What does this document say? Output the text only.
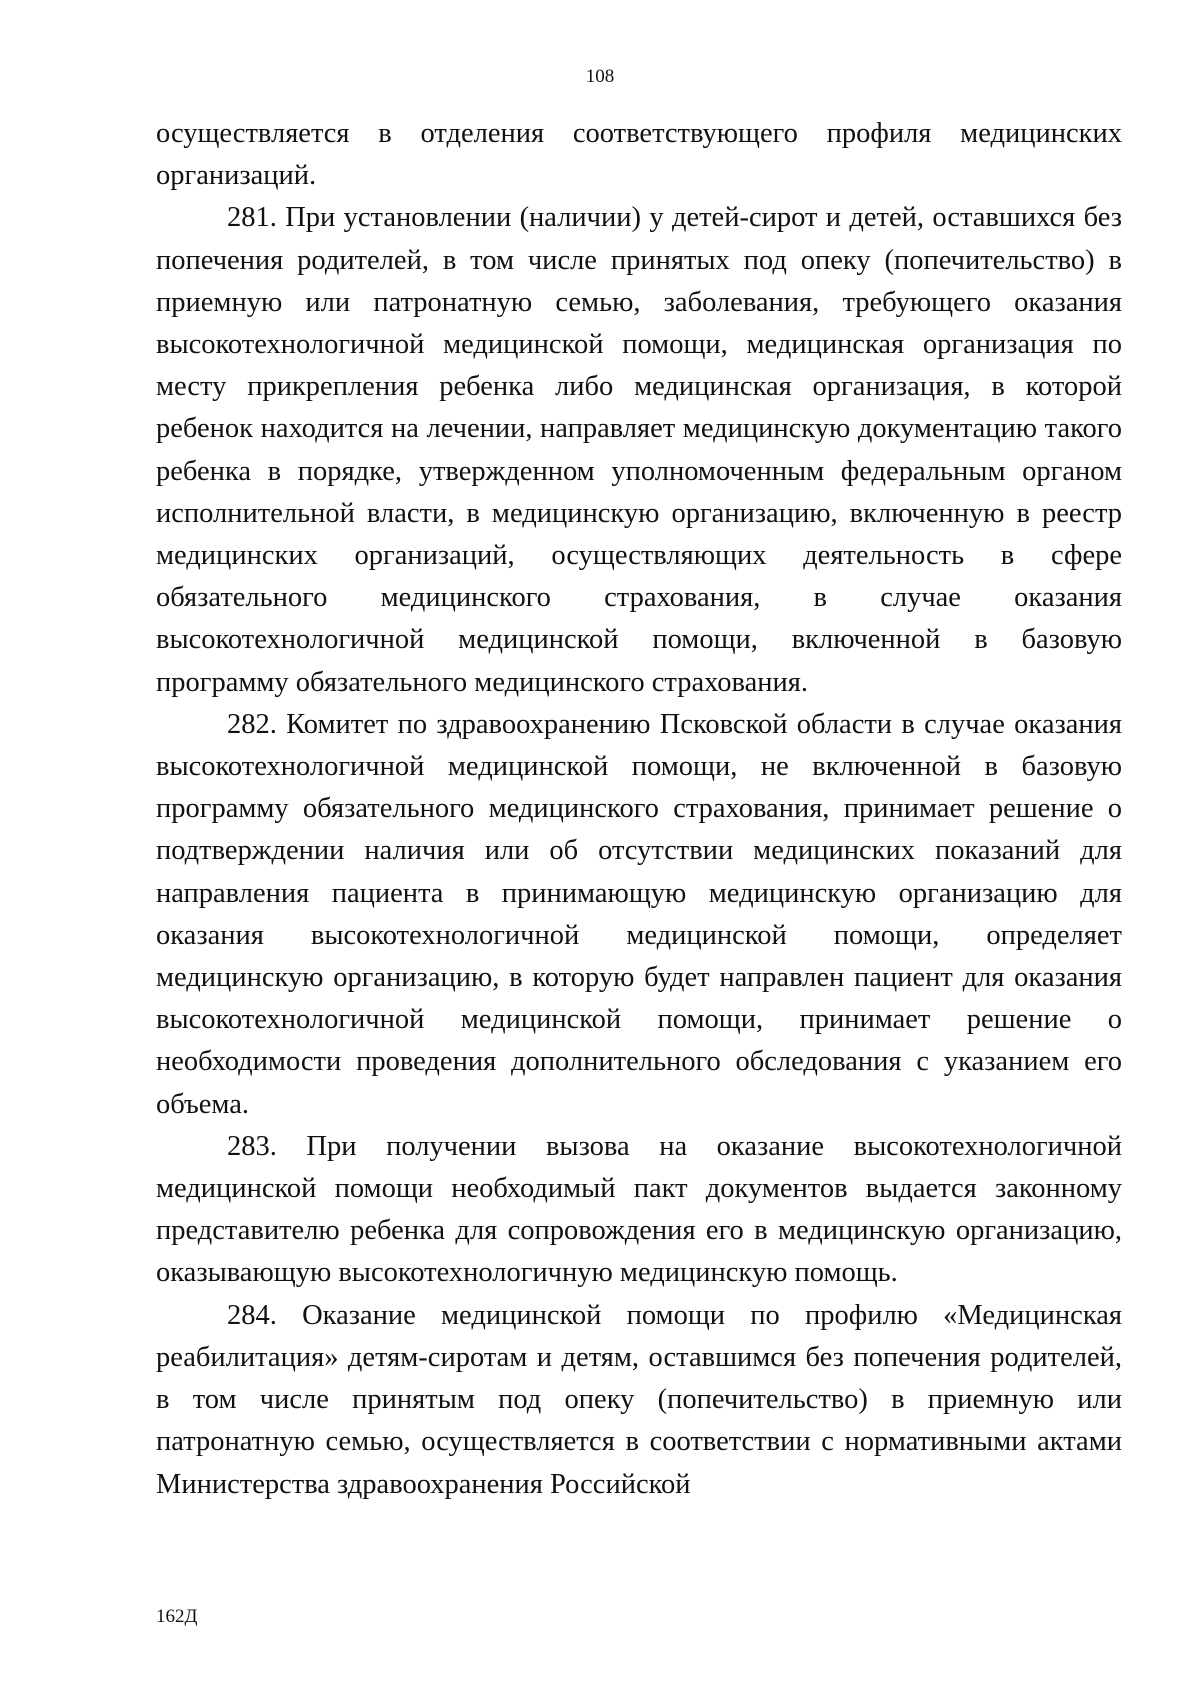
108

осуществляется в отделения соответствующего профиля медицинских организаций.

281. При установлении (наличии) у детей-сирот и детей, оставшихся без попечения родителей, в том числе принятых под опеку (попечительство) в приемную или патронатную семью, заболевания, требующего оказания высокотехнологичной медицинской помощи, медицинская организация по месту прикрепления ребенка либо медицинская организация, в которой ребенок находится на лечении, направляет медицинскую документацию такого ребенка в порядке, утвержденном уполномоченным федеральным органом исполнительной власти, в медицинскую организацию, включенную в реестр медицинских организаций, осуществляющих деятельность в сфере обязательного медицинского страхования, в случае оказания высокотехнологичной медицинской помощи, включенной в базовую программу обязательного медицинского страхования.

282. Комитет по здравоохранению Псковской области в случае оказания высокотехнологичной медицинской помощи, не включенной в базовую программу обязательного медицинского страхования, принимает решение о подтверждении наличия или об отсутствии медицинских показаний для направления пациента в принимающую медицинскую организацию для оказания высокотехнологичной медицинской помощи, определяет медицинскую организацию, в которую будет направлен пациент для оказания высокотехнологичной медицинской помощи, принимает решение о необходимости проведения дополнительного обследования с указанием его объема.

283. При получении вызова на оказание высокотехнологичной медицинской помощи необходимый пакт документов выдается законному представителю ребенка для сопровождения его в медицинскую организацию, оказывающую высокотехнологичную медицинскую помощь.

284. Оказание медицинской помощи по профилю «Медицинская реабилитация» детям-сиротам и детям, оставшимся без попечения родителей, в том числе принятым под опеку (попечительство) в приемную или патронатную семью, осуществляется в соответствии с нормативными актами Министерства здравоохранения Российской

162Д
